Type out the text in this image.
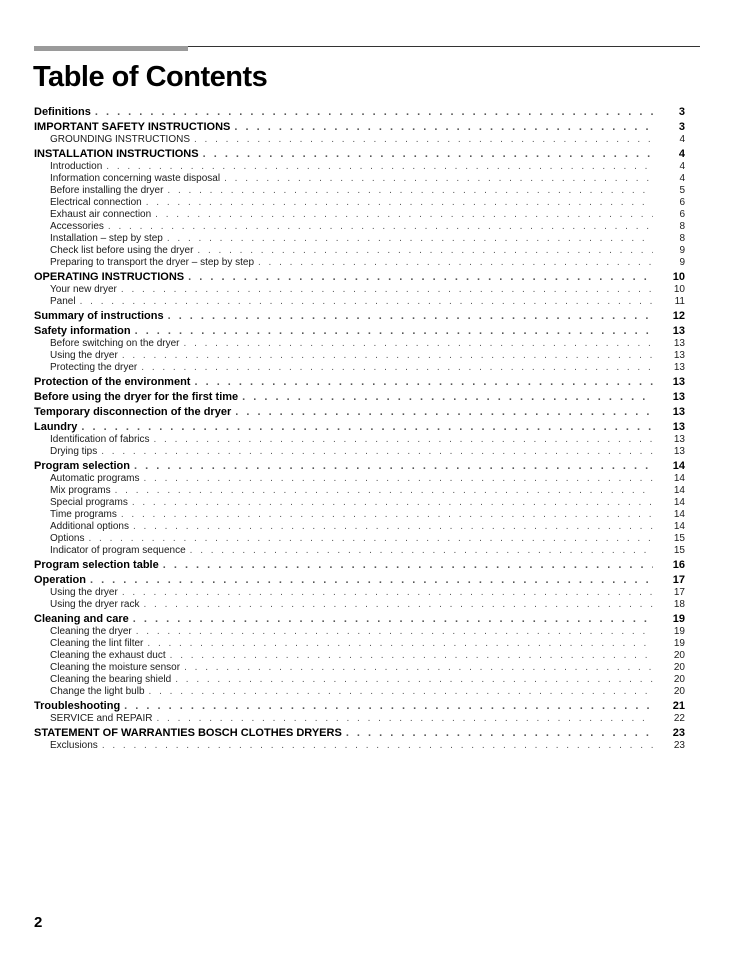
Table of Contents
Definitions . . .	3
IMPORTANT SAFETY INSTRUCTIONS . . .	3
GROUNDING INSTRUCTIONS . . .	4
INSTALLATION INSTRUCTIONS . . .	4
Introduction . . .	4
Information concerning waste disposal . . .	4
Before installing the dryer . . .	5
Electrical connection . . .	6
Exhaust air connection . . .	6
Accessories . . .	8
Installation – step by step . . .	8
Check list before using the dryer . . .	9
Preparing to transport the dryer – step by step . . .	9
OPERATING INSTRUCTIONS . . .	10
Your new dryer . . .	10
Panel . . .	11
Summary of instructions . . .	12
Safety information . . .	13
Before switching on the dryer . . .	13
Using the dryer . . .	13
Protecting the dryer . . .	13
Protection of the environment . . .	13
Before using the dryer for the first time . . .	13
Temporary disconnection of the dryer . . .	13
Laundry . . .	13
Identification of fabrics . . .	13
Drying tips . . .	13
Program selection . . .	14
Automatic programs . . .	14
Mix programs . . .	14
Special programs . . .	14
Time programs . . .	14
Additional options . . .	14
Options . . .	15
Indicator of program sequence . . .	15
Program selection table . . .	16
Operation . . .	17
Using the dryer . . .	17
Using the dryer rack . . .	18
Cleaning and care . . .	19
Cleaning the dryer . . .	19
Cleaning the lint filter . . .	19
Cleaning the exhaust duct . . .	20
Cleaning the moisture sensor . . .	20
Cleaning the bearing shield . . .	20
Change the light bulb . . .	20
Troubleshooting . . .	21
SERVICE and REPAIR . . .	22
STATEMENT OF WARRANTIES BOSCH CLOTHES DRYERS . . .	23
Exclusions . . .	23
2
